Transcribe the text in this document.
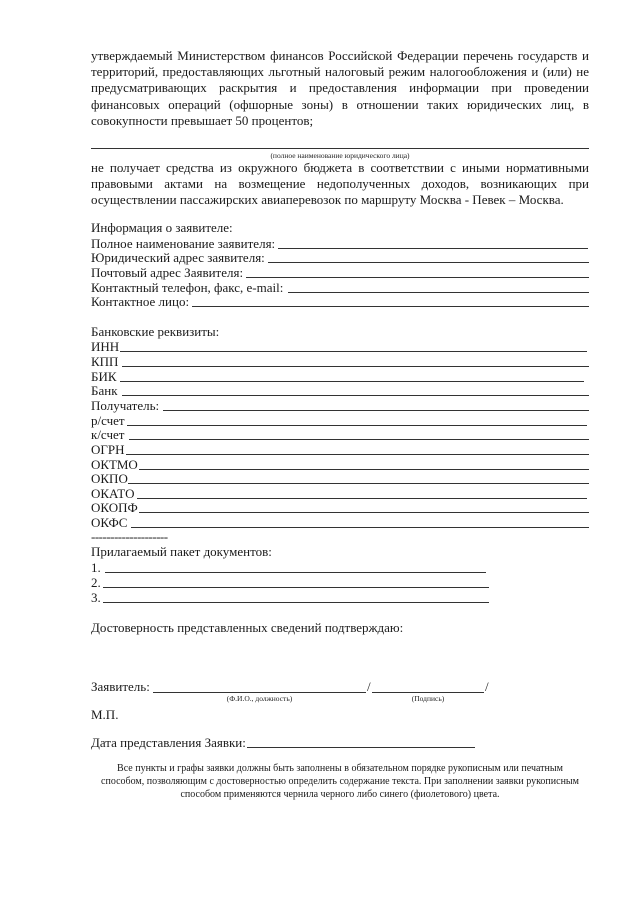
утверждаемый Министерством финансов Российской Федерации перечень государств и территорий, предоставляющих льготный налоговый режим налогообложения и (или) не предусматривающих раскрытия и предоставления информации при проведении финансовых операций (офшорные зоны) в отношении таких юридических лиц, в совокупности превышает 50 процентов;
(полное наименование юридического лица)
не получает средства из окружного бюджета в соответствии с иными нормативными правовыми актами на возмещение недополученных доходов, возникающих при осуществлении пассажирских авиаперевозок по маршруту Москва - Певек – Москва.
Информация о заявителе:
Полное наименование заявителя:
Юридический адрес заявителя:
Почтовый адрес Заявителя:
Контактный телефон, факс, e-mail:
Контактное лицо:
Банковские реквизиты:
ИНН
КПП
БИК
Банк
Получатель:
р/счет
к/счет
ОГРН
ОКТМО
ОКПО
ОКАТО
ОКОПФ
ОКФС
--------------------
Прилагаемый пакет документов:
1.
2.
3.
Достоверность представленных сведений подтверждаю:
Заявитель:	/	/
(Ф.И.О., должность)	(Подпись)
М.П.
Дата представления Заявки:
Все пункты и графы заявки должны быть заполнены в обязательном порядке рукописным или печатным способом, позволяющим с достоверностью определить содержание текста. При заполнении заявки рукописным способом применяются чернила черного либо синего (фиолетового) цвета.
